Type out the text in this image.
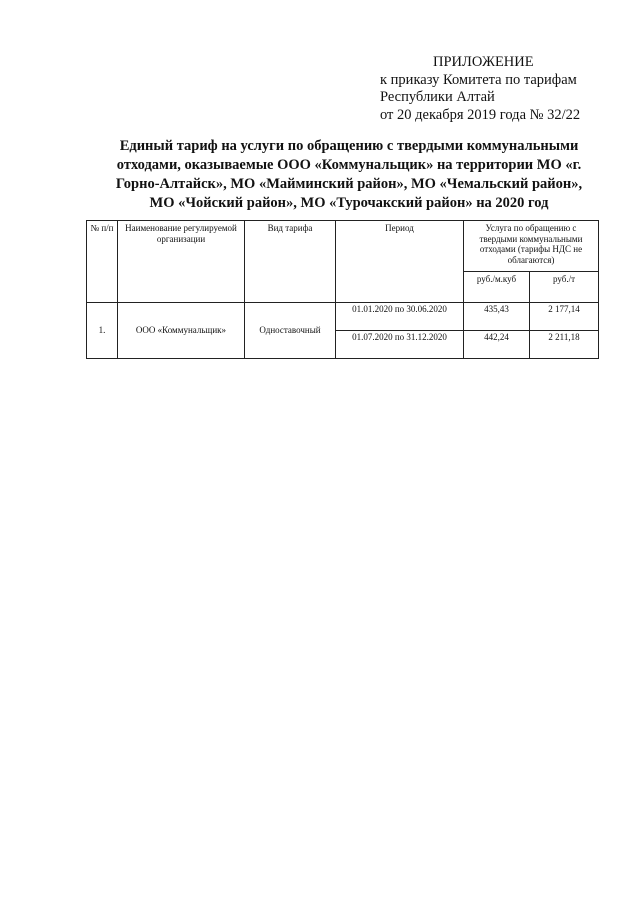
ПРИЛОЖЕНИЕ
к приказу Комитета по тарифам
Республики Алтай
от 20 декабря 2019 года № 32/22
Единый тариф на услуги по обращению с твердыми коммунальными
отходами, оказываемые ООО «Коммунальщик» на территории МО «г.
Горно-Алтайск», МО «Майминский район», МО «Чемальский район»,
МО «Чойский район», МО «Турочакский район» на 2020 год
№ п/п	Наименование регулируемой организации	Вид тарифа	Период	Услуга по обращению с твердыми коммунальными отходами (тарифы НДС не облагаются)	
				руб./м.куб	руб./т
1.	ООО «Коммунальщик»	Одноставочный	01.01.2020 по 30.06.2020	435,43	2 177,14
			01.07.2020 по 31.12.2020	442,24	2 211,18
